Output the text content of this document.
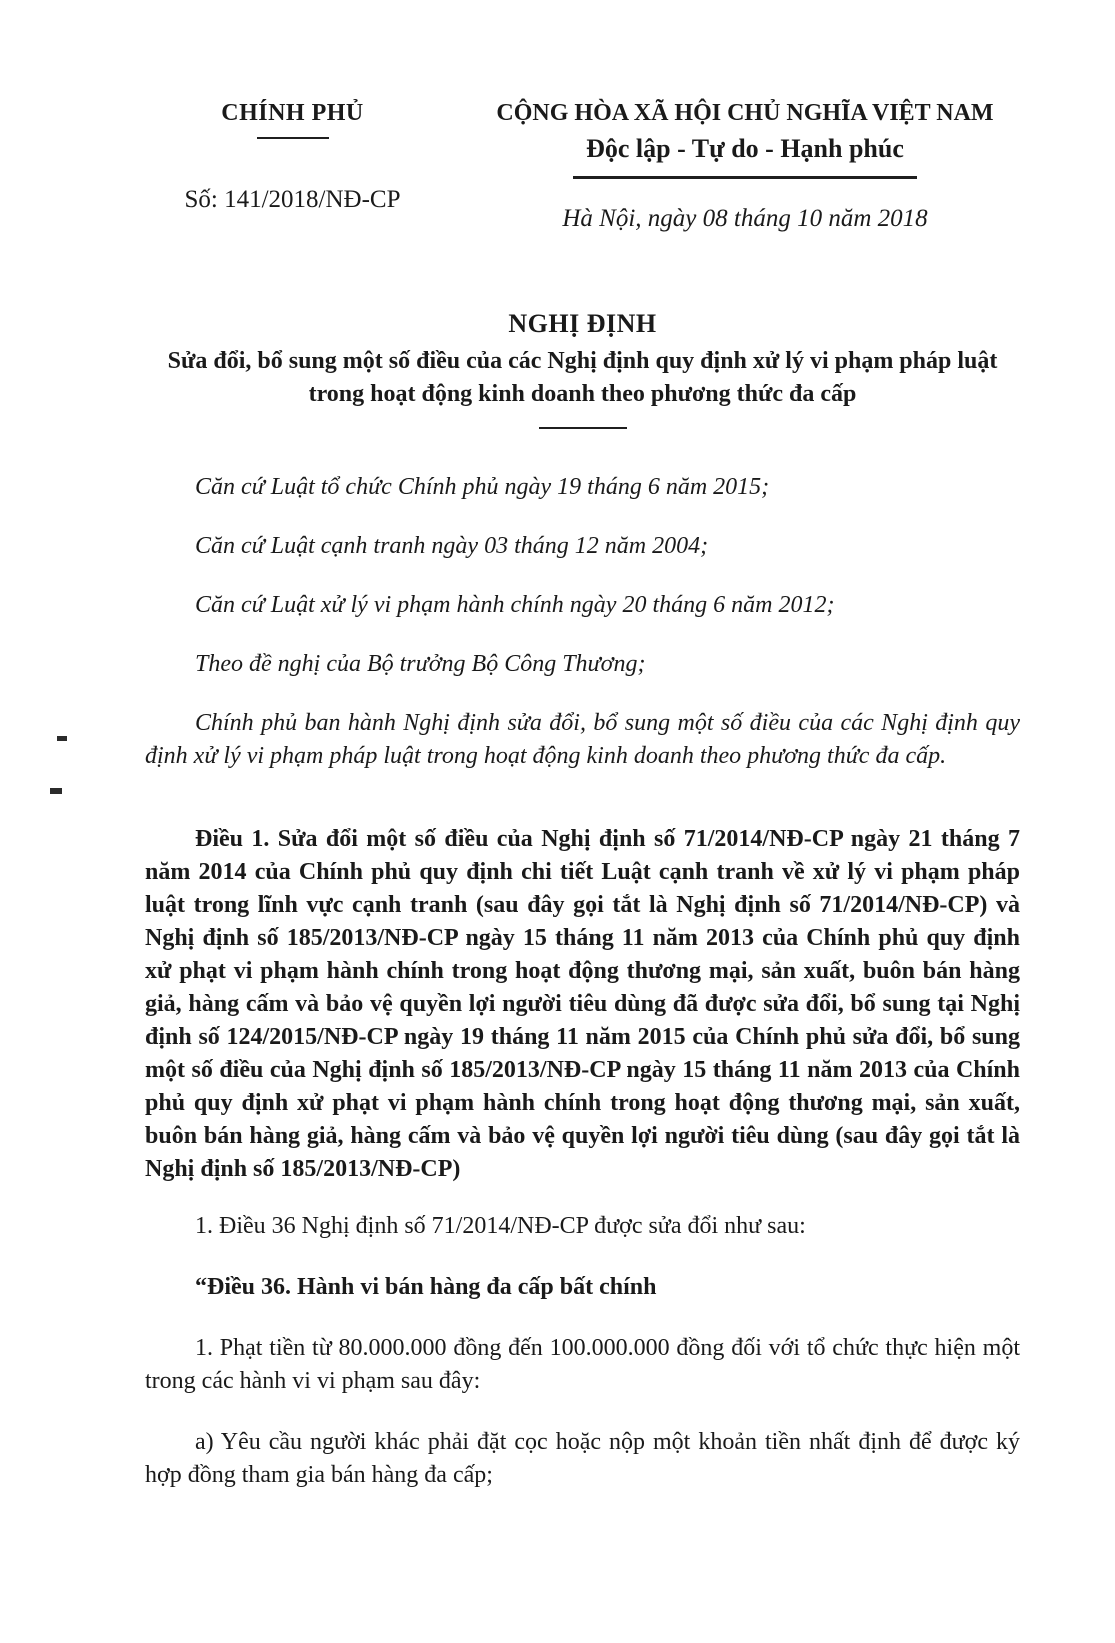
CHÍNH PHỦ
Số: 141/2018/NĐ-CP
CỘNG HÒA XÃ HỘI CHỦ NGHĨA VIỆT NAM
Độc lập - Tự do - Hạnh phúc
Hà Nội, ngày 08 tháng 10 năm 2018
NGHỊ ĐỊNH
Sửa đổi, bổ sung một số điều của các Nghị định quy định xử lý vi phạm pháp luật trong hoạt động kinh doanh theo phương thức đa cấp

Căn cứ Luật tổ chức Chính phủ ngày 19 tháng 6 năm 2015;

Căn cứ Luật cạnh tranh ngày 03 tháng 12 năm 2004;

Căn cứ Luật xử lý vi phạm hành chính ngày 20 tháng 6 năm 2012;

Theo đề nghị của Bộ trưởng Bộ Công Thương;

Chính phủ ban hành Nghị định sửa đổi, bổ sung một số điều của các Nghị định quy định xử lý vi phạm pháp luật trong hoạt động kinh doanh theo phương thức đa cấp.

Điều 1. Sửa đổi một số điều của Nghị định số 71/2014/NĐ-CP ngày 21 tháng 7 năm 2014 của Chính phủ quy định chi tiết Luật cạnh tranh về xử lý vi phạm pháp luật trong lĩnh vực cạnh tranh (sau đây gọi tắt là Nghị định số 71/2014/NĐ-CP) và Nghị định số 185/2013/NĐ-CP ngày 15 tháng 11 năm 2013 của Chính phủ quy định xử phạt vi phạm hành chính trong hoạt động thương mại, sản xuất, buôn bán hàng giả, hàng cấm và bảo vệ quyền lợi người tiêu dùng đã được sửa đổi, bổ sung tại Nghị định số 124/2015/NĐ-CP ngày 19 tháng 11 năm 2015 của Chính phủ sửa đổi, bổ sung một số điều của Nghị định số 185/2013/NĐ-CP ngày 15 tháng 11 năm 2013 của Chính phủ quy định xử phạt vi phạm hành chính trong hoạt động thương mại, sản xuất, buôn bán hàng giả, hàng cấm và bảo vệ quyền lợi người tiêu dùng (sau đây gọi tắt là Nghị định số 185/2013/NĐ-CP)

1. Điều 36 Nghị định số 71/2014/NĐ-CP được sửa đổi như sau:

“Điều 36. Hành vi bán hàng đa cấp bất chính

1. Phạt tiền từ 80.000.000 đồng đến 100.000.000 đồng đối với tổ chức thực hiện một trong các hành vi vi phạm sau đây:

a) Yêu cầu người khác phải đặt cọc hoặc nộp một khoản tiền nhất định để được ký hợp đồng tham gia bán hàng đa cấp;
